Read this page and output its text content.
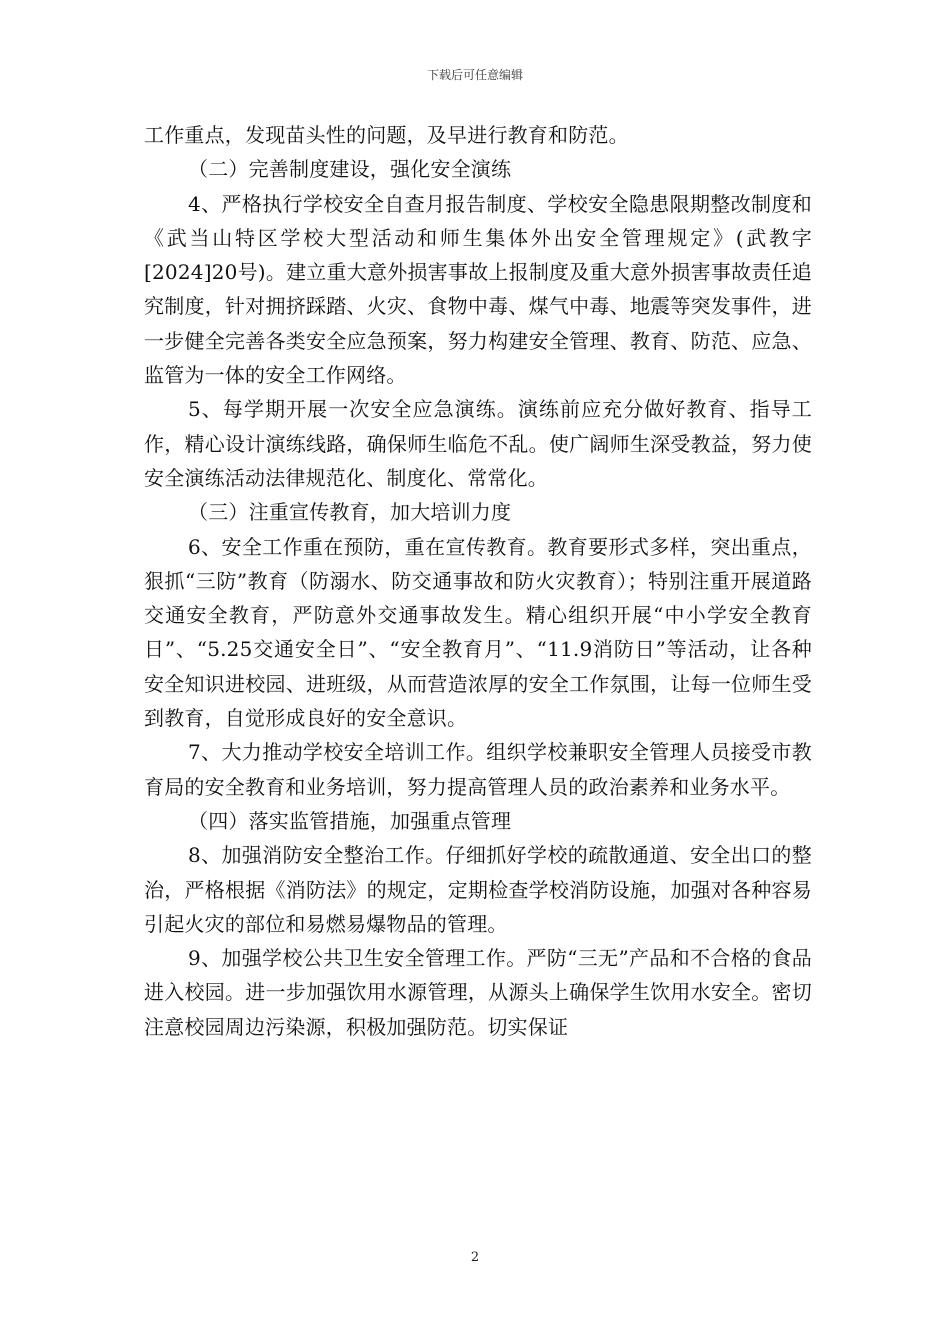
下载后可任意编辑

工作重点，发现苗头性的问题，及早进行教育和防范。

（二）完善制度建设，强化安全演练

4、严格执行学校安全自查月报告制度、学校安全隐患限期整改制度和《武当山特区学校大型活动和师生集体外出安全管理规定》(武教字[2024]20号)。建立重大意外损害事故上报制度及重大意外损害事故责任追究制度，针对拥挤踩踏、火灾、食物中毒、煤气中毒、地震等突发事件，进一步健全完善各类安全应急预案，努力构建安全管理、教育、防范、应急、监管为一体的安全工作网络。

5、每学期开展一次安全应急演练。演练前应充分做好教育、指导工作，精心设计演练线路，确保师生临危不乱。使广阔师生深受教益，努力使安全演练活动法律规范化、制度化、常常化。

（三）注重宣传教育，加大培训力度

6、安全工作重在预防，重在宣传教育。教育要形式多样，突出重点，狠抓“三防”教育（防溺水、防交通事故和防火灾教育）；特别注重开展道路交通安全教育，严防意外交通事故发生。精心组织开展“中小学安全教育日”、“5.25交通安全日”、“安全教育月”、“11.9消防日”等活动，让各种安全知识进校园、进班级，从而营造浓厚的安全工作氛围，让每一位师生受到教育，自觉形成良好的安全意识。

7、大力推动学校安全培训工作。组织学校兼职安全管理人员接受市教育局的安全教育和业务培训，努力提高管理人员的政治素养和业务水平。

（四）落实监管措施，加强重点管理

8、加强消防安全整治工作。仔细抓好学校的疏散通道、安全出口的整治，严格根据《消防法》的规定，定期检查学校消防设施，加强对各种容易引起火灾的部位和易燃易爆物品的管理。

9、加强学校公共卫生安全管理工作。严防“三无”产品和不合格的食品进入校园。进一步加强饮用水源管理，从源头上确保学生饮用水安全。密切注意校园周边污染源，积极加强防范。切实保证

2
